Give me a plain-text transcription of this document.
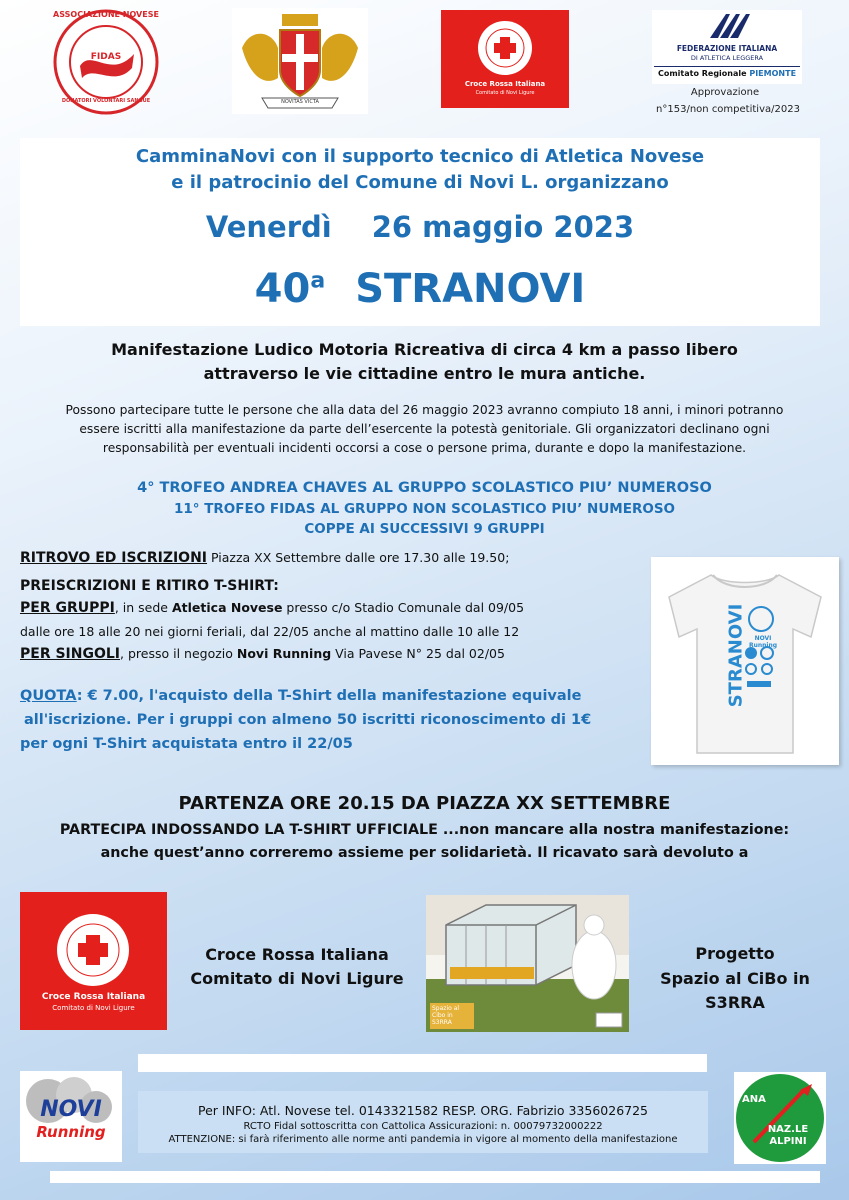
FIDAS
ASSOCIAZIONE NOVESE
DONATORI VOLONTARI SANGUE	NOVITAS VICTA
Croce Rossa Italiana
Comitato di Novi Ligure
FEDERAZIONE ITALIANA
DI ATLETICA LEGGERA
Comitato Regionale PIEMONTE
Approvazione
n°153/non competitiva/2023
CamminaNovi con il supporto tecnico di Atletica Novese
e il patrocinio del Comune di Novi L. organizzano
Venerdì 26 maggio 2023
40$^a$ STRANOVI
Manifestazione Ludico Motoria Ricreativa di circa 4 km a passo libero
attraverso le vie cittadine entro le mura antiche.
Possono partecipare tutte le persone che alla data del 26 maggio 2023 avranno compiuto 18 anni, i minori potranno
essere iscritti alla manifestazione da parte dell’esercente la potestà genitoriale. Gli organizzatori declinano ogni
responsabilità per eventuali incidenti occorsi a cose o persone prima, durante e dopo la manifestazione.
4° TROFEO ANDREA CHAVES AL GRUPPO SCOLASTICO PIU’ NUMEROSO
11° TROFEO FIDAS AL GRUPPO NON SCOLASTICO PIU’ NUMEROSO
COPPE AI SUCCESSIVI 9 GRUPPI
RITROVO ED ISCRIZIONI Piazza XX Settembre dalle ore 17.30 alle 19.50;
PREISCRIZIONI E RITIRO T-SHIRT:
PER GRUPPI, in sede Atletica Novese presso c/o Stadio Comunale dal 09/05
dalle ore 18 alle 20 nei giorni feriali, dal 22/05 anche al mattino dalle 10 alle 12
PER SINGOLI, presso il negozio Novi Running Via Pavese N° 25 dal 02/05
QUOTA: € 7.00, l'acquisto della T-Shirt della manifestazione equivale
all'iscrizione. Per i gruppi con almeno 50 iscritti riconoscimento di 1€
per ogni T-Shirt acquistata entro il 22/05
STRANOVI	NOVI Running
PARTENZA ORE 20.15 DA PIAZZA XX SETTEMBRE
PARTECIPA INDOSSANDO LA T-SHIRT UFFICIALE ...non mancare alla nostra manifestazione:
anche quest’anno correremo assieme per solidarietà. Il ricavato sarà devoluto a
Croce Rossa Italiana
Comitato di Novi Ligure
Croce Rossa Italiana
Comitato di Novi Ligure
Spazio al Cibo in S3RRA
Progetto
Spazio al CiBo in
S3RRA
Per INFO: Atl. Novese tel. 0143321582 RESP. ORG. Fabrizio 3356026725
RCTO Fidal sottoscritta con Cattolica Assicurazioni: n. 00079732000222
ATTENZIONE: si farà riferimento alle norme anti pandemia in vigore al momento della manifestazione
NOVI
Running
ANA
NAZ.LE ALPINI
